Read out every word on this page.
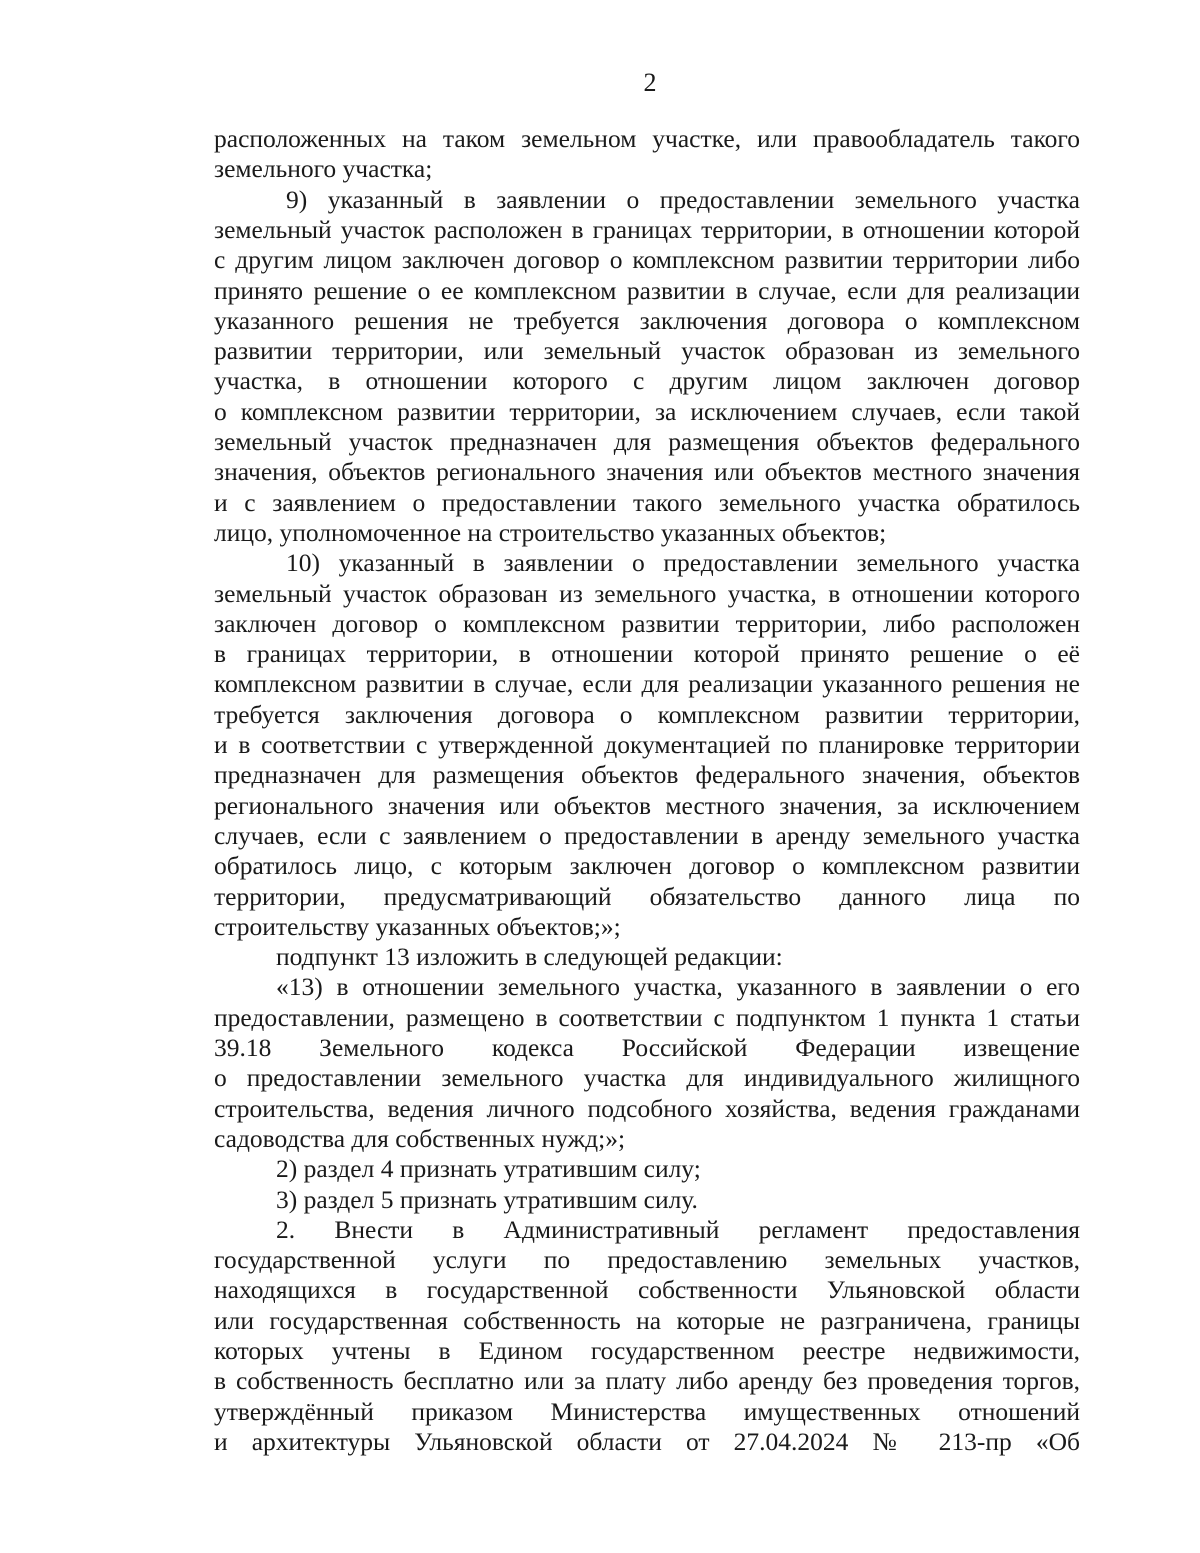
2
расположенных на таком земельном участке, или правообладатель такого
земельного участка;
9) указанный в заявлении о предоставлении земельного участка
земельный участок расположен в границах территории, в отношении которой
с другим лицом заключен договор о комплексном развитии территории либо
принято решение о ее комплексном развитии в случае, если для реализации
указанного решения не требуется заключения договора о комплексном
развитии территории, или земельный участок образован из земельного
участка, в отношении которого с другим лицом заключен договор
о комплексном развитии территории, за исключением случаев, если такой
земельный участок предназначен для размещения объектов федерального
значения, объектов регионального значения или объектов местного значения
и с заявлением о предоставлении такого земельного участка обратилось
лицо, уполномоченное на строительство указанных объектов;
10) указанный в заявлении о предоставлении земельного участка
земельный участок образован из земельного участка, в отношении которого
заключен договор о комплексном развитии территории, либо расположен
в границах территории, в отношении которой принято решение о её
комплексном развитии в случае, если для реализации указанного решения не
требуется заключения договора о комплексном развитии территории,
и в соответствии с утвержденной документацией по планировке территории
предназначен для размещения объектов федерального значения, объектов
регионального значения или объектов местного значения, за исключением
случаев, если с заявлением о предоставлении в аренду земельного участка
обратилось лицо, с которым заключен договор о комплексном развитии
территории, предусматривающий обязательство данного лица по
строительству указанных объектов;»;
подпункт 13 изложить в следующей редакции:
«13) в отношении земельного участка, указанного в заявлении о его
предоставлении, размещено в соответствии с подпунктом 1 пункта 1 статьи
39.18 Земельного кодекса Российской Федерации извещение
о предоставлении земельного участка для индивидуального жилищного
строительства, ведения личного подсобного хозяйства, ведения гражданами
садоводства для собственных нужд;»;
2) раздел 4 признать утратившим силу;
3) раздел 5 признать утратившим силу.
2. Внести в Административный регламент предоставления
государственной услуги по предоставлению земельных участков,
находящихся в государственной собственности Ульяновской области
или государственная собственность на которые не разграничена, границы
которых учтены в Едином государственном реестре недвижимости,
в собственность бесплатно или за плату либо аренду без проведения торгов,
утверждённый приказом Министерства имущественных отношений
и архитектуры Ульяновской области от 27.04.2024 № 213-пр «Об
